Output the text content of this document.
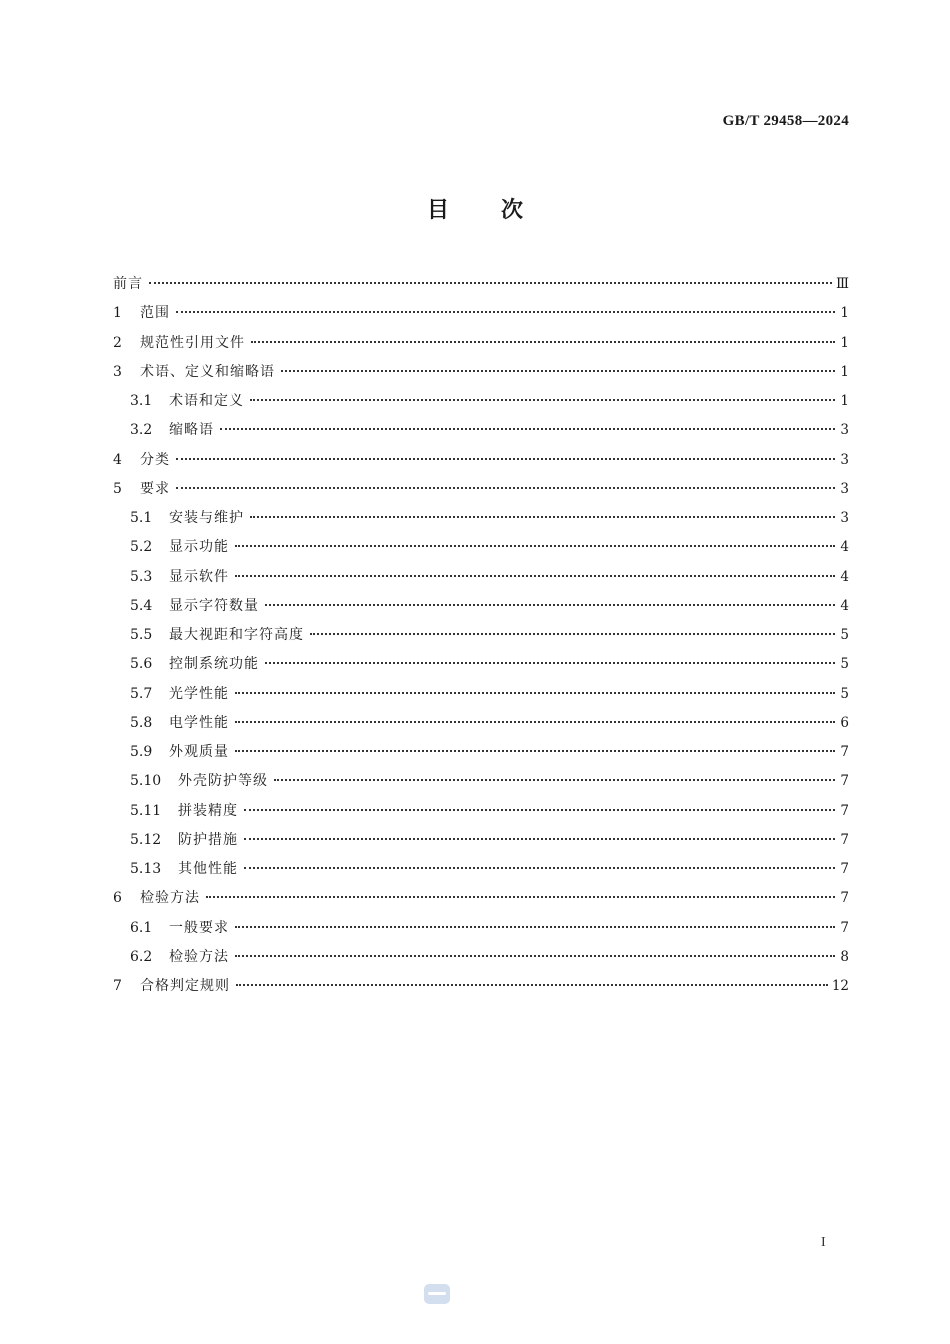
GB/T 29458—2024
目次
前言	Ⅲ
1	范围	1
2	规范性引用文件	1
3	术语、定义和缩略语	1
3.1	术语和定义	1
3.2	缩略语	3
4	分类	3
5	要求	3
5.1	安装与维护	3
5.2	显示功能	4
5.3	显示软件	4
5.4	显示字符数量	4
5.5	最大视距和字符高度	5
5.6	控制系统功能	5
5.7	光学性能	5
5.8	电学性能	6
5.9	外观质量	7
5.10	外壳防护等级	7
5.11	拼装精度	7
5.12	防护措施	7
5.13	其他性能	7
6	检验方法	7
6.1	一般要求	7
6.2	检验方法	8
7	合格判定规则	12
I
